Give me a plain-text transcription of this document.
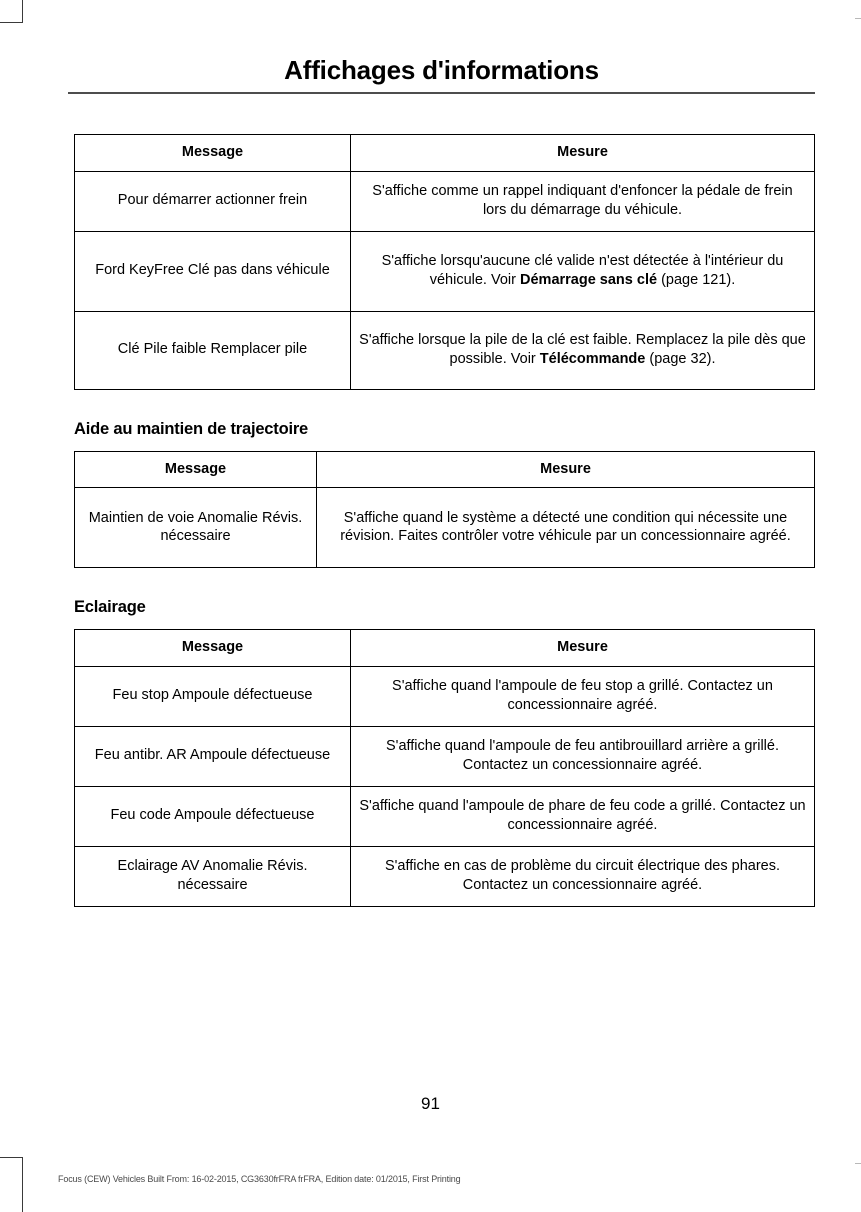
Affichages d'informations
Message	Mesure
Pour démarrer actionner frein	S'affiche comme un rappel indiquant d'enfoncer la pédale de frein lors du démarrage du véhicule.
Ford KeyFree Clé pas dans véhicule	S'affiche lorsqu'aucune clé valide n'est détectée à l'intérieur du véhicule. Voir Démarrage sans clé (page 121).
Clé Pile faible Remplacer pile	S'affiche lorsque la pile de la clé est faible. Remplacez la pile dès que possible. Voir Télécommande (page 32).
Aide au maintien de trajectoire
Message	Mesure
Maintien de voie Anomalie Révis. nécessaire	S'affiche quand le système a détecté une condition qui nécessite une révision. Faites contrôler votre véhicule par un concessionnaire agréé.
Eclairage
Message	Mesure
Feu stop Ampoule défectueuse	S'affiche quand l'ampoule de feu stop a grillé. Contactez un concessionnaire agréé.
Feu antibr. AR Ampoule défectueuse	S'affiche quand l'ampoule de feu antibrouillard arrière a grillé. Contactez un concessionnaire agréé.
Feu code Ampoule défectueuse	S'affiche quand l'ampoule de phare de feu code a grillé. Contactez un concessionnaire agréé.
Eclairage AV Anomalie Révis. nécessaire	S'affiche en cas de problème du circuit électrique des phares. Contactez un concessionnaire agréé.
91
Focus (CEW) Vehicles Built From: 16-02-2015, CG3630frFRA frFRA, Edition date: 01/2015, First Printing
